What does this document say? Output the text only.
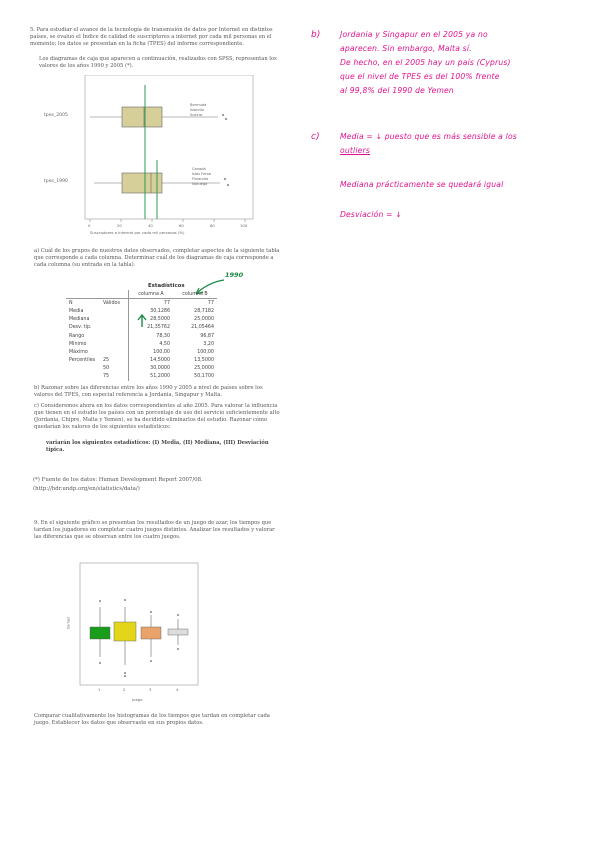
5. Para estudiar el avance de la tecnología de transmisión de datos por Internet en distintos países, se evaluó el Índice de calidad de suscriptores a internet por cada mil personas en el momento; los datos se presentan en la ficha (TPES) del informe correspondiente.
Los diagramas de caja que aparecen a continuación, realizados con SPSS, representan los valores de los años 1990 y 2005 (*).
tpes_2005
tpes_1990
Bermuda
Islandia
Suecia
Canadá
Islas Feroe
Finlandia
Noruega
0	20	40	60	80	100
Suscriptores a internet por cada mil personas (%)
a) Cuál de los grupos de nuestros datos observados, completar aspectos de la siguiente tabla que corresponde a cada columna. Determinar cuál de los diagramas de caja corresponde a cada columna (su entrada en la tabla).
1990
Estadísticos
		columna A	columna B
N	Válidos	77	77
Media		30,1286	28,7182
Mediana		28,5000	25,0000
Desv. típ.		21,35762	21,05464
Rango		78,30	96,87
Mínimo		4,50	3,20
Máximo		100,00	100,00
Percentiles	25	14,5000	13,5000
	50	30,0000	25,0000
	75	51,2000	50,1700
b) Razonar sobre las diferencias entre los años 1990 y 2005 a nivel de países sobre los valores del TPES, con especial referencia a Jordania, Singapur y Malta.
c) Consideremos ahora en los datos correspondientes al año 2005. Para valorar la influencia que tienen en el estudio los países con un porcentaje de uso del servicio suficientemente alto (Jordania, Chipre, Malta y Yemen), se ha decidido eliminarlos del estudio. Razonar cómo quedarían los valores de los siguientes estadísticos:
variarán los siguientes estadísticos: (I) Media, (II) Mediana, (III) Desviación típica.
(*) Fuente de los datos: Human Development Report 2007/08.
(http://hdr.undp.org/en/statistics/data/)
9. En el siguiente gráfico se presentan los resultados de un juego de azar, los tiempos que tardan los jugadores en completar cuatro juegos distintos. Analizar los resultados y valorar las diferencias que se observan entre los cuatro juegos.
1	2	3	4
juego
tiempo
Comparar cualitativamente los histogramas de los tiempos que tardan en completar cada juego. Establecer los datos que observaste en sus propios datos.
b)	Jordania y Singapur en el 2005 ya no
aparecen. Sin embargo, Malta sí.
De hecho, en el 2005 hay un país (Cyprus)
que el nivel de TPES es del 100% frente
al 99,8% del 1990 de Yemen
c)	Media = ↓ puesto que es más sensible a los
outliers
Mediana prácticamente se quedará igual
Desviación = ↓
